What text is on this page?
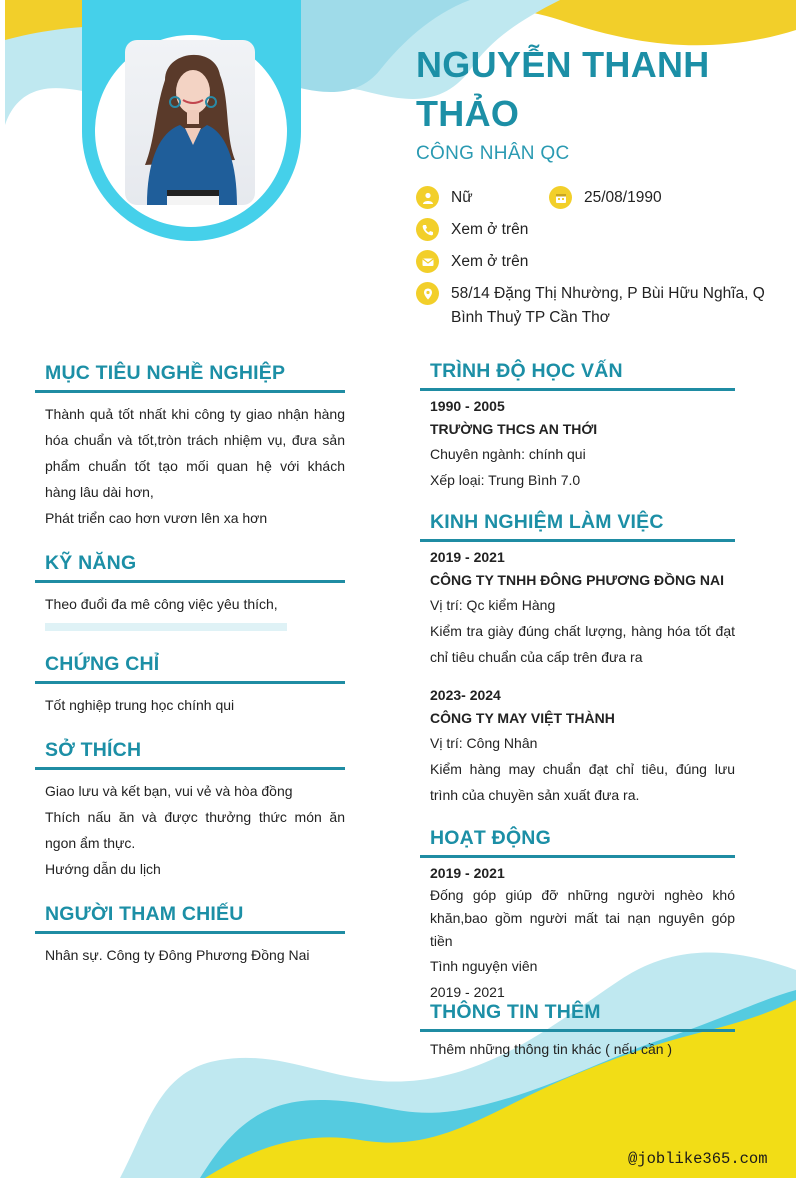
NGUYỄN THANH THẢO
CÔNG NHÂN QC
Nữ	25/08/1990
Xem ở trên
Xem ở trên
58/14 Đặng Thị Nhường, P Bùi Hữu Nghĩa, Q Bình Thuỷ TP Cần Thơ
MỤC TIÊU NGHỀ NGHIỆP
Thành quả tốt nhất khi công ty giao nhận hàng hóa chuẩn và tốt,tròn trách nhiệm vụ, đưa sản phẩm chuẩn tốt tạo mối quan hệ với khách hàng lâu dài hơn,
Phát triển cao hơn vươn lên xa hơn
KỸ NĂNG
Theo đuổi đa mê công việc yêu thích,
CHỨNG CHỈ
Tốt nghiệp trung học chính qui
SỞ THÍCH
Giao lưu và kết bạn, vui vẻ và hòa đồng
Thích nấu ăn và được thưởng thức món ăn ngon ẩm thực.
Hướng dẫn du lịch
NGƯỜI THAM CHIẾU
Nhân sự. Công ty Đông Phương Đồng Nai
TRÌNH ĐỘ HỌC VẤN
1990 - 2005
TRƯỜNG THCS AN THỚI
Chuyên ngành: chính qui
Xếp loại: Trung Bình 7.0
KINH NGHIỆM LÀM VIỆC
2019 - 2021
CÔNG TY TNHH ĐÔNG PHƯƠNG ĐỒNG NAI
Vị trí: Qc kiểm Hàng
Kiểm tra giày đúng chất lượng, hàng hóa tốt đạt chỉ tiêu chuẩn của cấp trên đưa ra
2023- 2024
CÔNG TY MAY VIỆT THÀNH
Vị trí: Công Nhân
Kiểm hàng may chuẩn đạt chỉ tiêu, đúng lưu trình của chuyền sản xuất đưa ra.
HOẠT ĐỘNG
2019 - 2021
Đống góp giúp đỡ những người nghèo khó khăn,bao gồm người mất tai nạn nguyên góp tiền
Tình nguyện viên
2019 - 2021
THÔNG TIN THÊM
Thêm những thông tin khác ( nếu cần )
@joblike365.com
